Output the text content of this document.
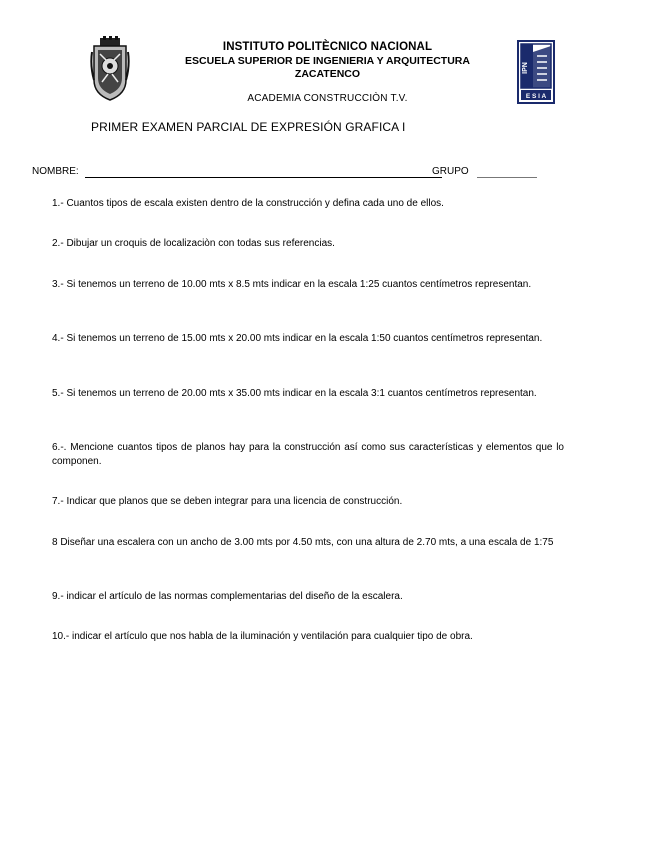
INSTITUTO POLITÈCNICO NACIONAL
ESCUELA SUPERIOR DE INGENIERIA Y ARQUITECTURA
ZACATENCO
ACADEMIA CONSTRUCCIÒN T.V.
IPN
E S I A
PRIMER EXAMEN PARCIAL DE EXPRESIÓN GRAFICA I
NOMBRE:	GRUPO
1.- Cuantos tipos de escala existen dentro de la construcción y defina cada uno de ellos.
2.- Dibujar un croquis de localizaciòn con todas sus referencias.
3.- Si tenemos un terreno de 10.00 mts x 8.5 mts indicar en la escala 1:25 cuantos centímetros representan.
4.- Si tenemos un terreno de 15.00 mts x 20.00 mts indicar en la escala 1:50 cuantos centímetros representan.
5.- Si tenemos un terreno de 20.00 mts x 35.00 mts indicar en la escala 3:1 cuantos centímetros representan.
6.-. Mencione cuantos tipos de planos hay para la construcción así como sus características y elementos que lo componen.
7.- Indicar que planos que se deben integrar para una licencia de construcción.
8 Diseñar una escalera con un ancho de 3.00 mts por 4.50 mts, con una altura de 2.70 mts, a una escala de 1:75
9.- indicar el artículo de las normas complementarias del diseño de la escalera.
10.- indicar el artículo que nos habla de la iluminación y ventilación para cualquier tipo de obra.
